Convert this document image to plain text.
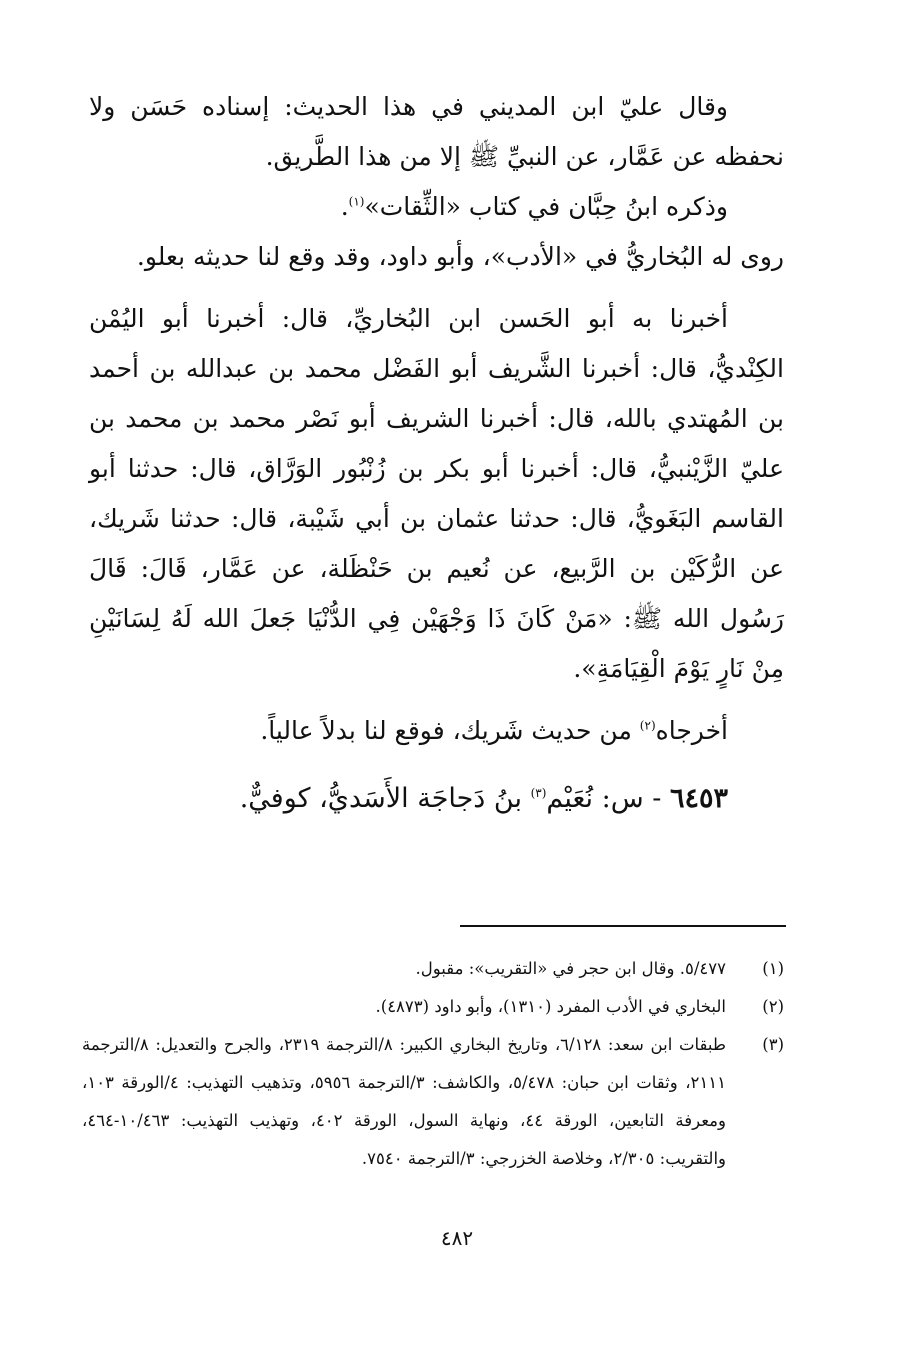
وقال عليّ ابن المديني في هذا الحديث: إسناده حَسَن ولا نحفظه عن عَمَّار، عن النبيِّ ﷺ إلا من هذا الطَّريق.

وذكره ابنُ حِبَّان في كتاب «الثِّقات»$^{(١)}$.

روى له البُخاريُّ في «الأدب»، وأبو داود، وقد وقع لنا حديثه بعلو.

أخبرنا به أبو الحَسن ابن البُخاريِّ، قال: أخبرنا أبو اليُمْن الكِنْديُّ، قال: أخبرنا الشَّريف أبو الفَضْل محمد بن عبدالله بن أحمد بن المُهتدي بالله، قال: أخبرنا الشريف أبو نَصْر محمد بن محمد بن عليّ الزَّيْنبيُّ، قال: أخبرنا أبو بكر بن زُنْبُور الوَرَّاق، قال: حدثنا أبو القاسم البَغَويُّ، قال: حدثنا عثمان بن أبي شَيْبة، قال: حدثنا شَريك، عن الرُّكَيْن بن الرَّبيع، عن نُعيم بن حَنْظَلة، عن عَمَّار، قَالَ: قَالَ رَسُول الله ﷺ: «مَنْ كَانَ ذَا وَجْهَيْن فِي الدُّنْيَا جَعلَ الله لَهُ لِسَانَيْنِ مِنْ نَارٍ يَوْمَ الْقِيَامَةِ».

أخرجاه$^{(٢)}$ من حديث شَريك، فوقع لنا بدلاً عالياً.

٦٤٥٣ - س: نُعَيْم$^{(٣)}$ بنُ دَجاجَة الأَسَديُّ، كوفيٌّ.

(١)
٥/٤٧٧. وقال ابن حجر في «التقريب»: مقبول.
(٢)
البخاري في الأدب المفرد (١٣١٠)، وأبو داود (٤٨٧٣).
(٣)
طبقات ابن سعد: ٦/١٢٨، وتاريخ البخاري الكبير: ٨/الترجمة ٢٣١٩، والجرح والتعديل: ٨/الترجمة ٢١١١، وثقات ابن حبان: ٥/٤٧٨، والكاشف: ٣/الترجمة ٥٩٥٦، وتذهيب التهذيب: ٤/الورقة ١٠٣، ومعرفة التابعين، الورقة ٤٤، ونهاية السول، الورقة ٤٠٢، وتهذيب التهذيب: ١٠/٤٦٣-٤٦٤، والتقريب: ٢/٣٠٥، وخلاصة الخزرجي: ٣/الترجمة ٧٥٤٠.
٤٨٢
